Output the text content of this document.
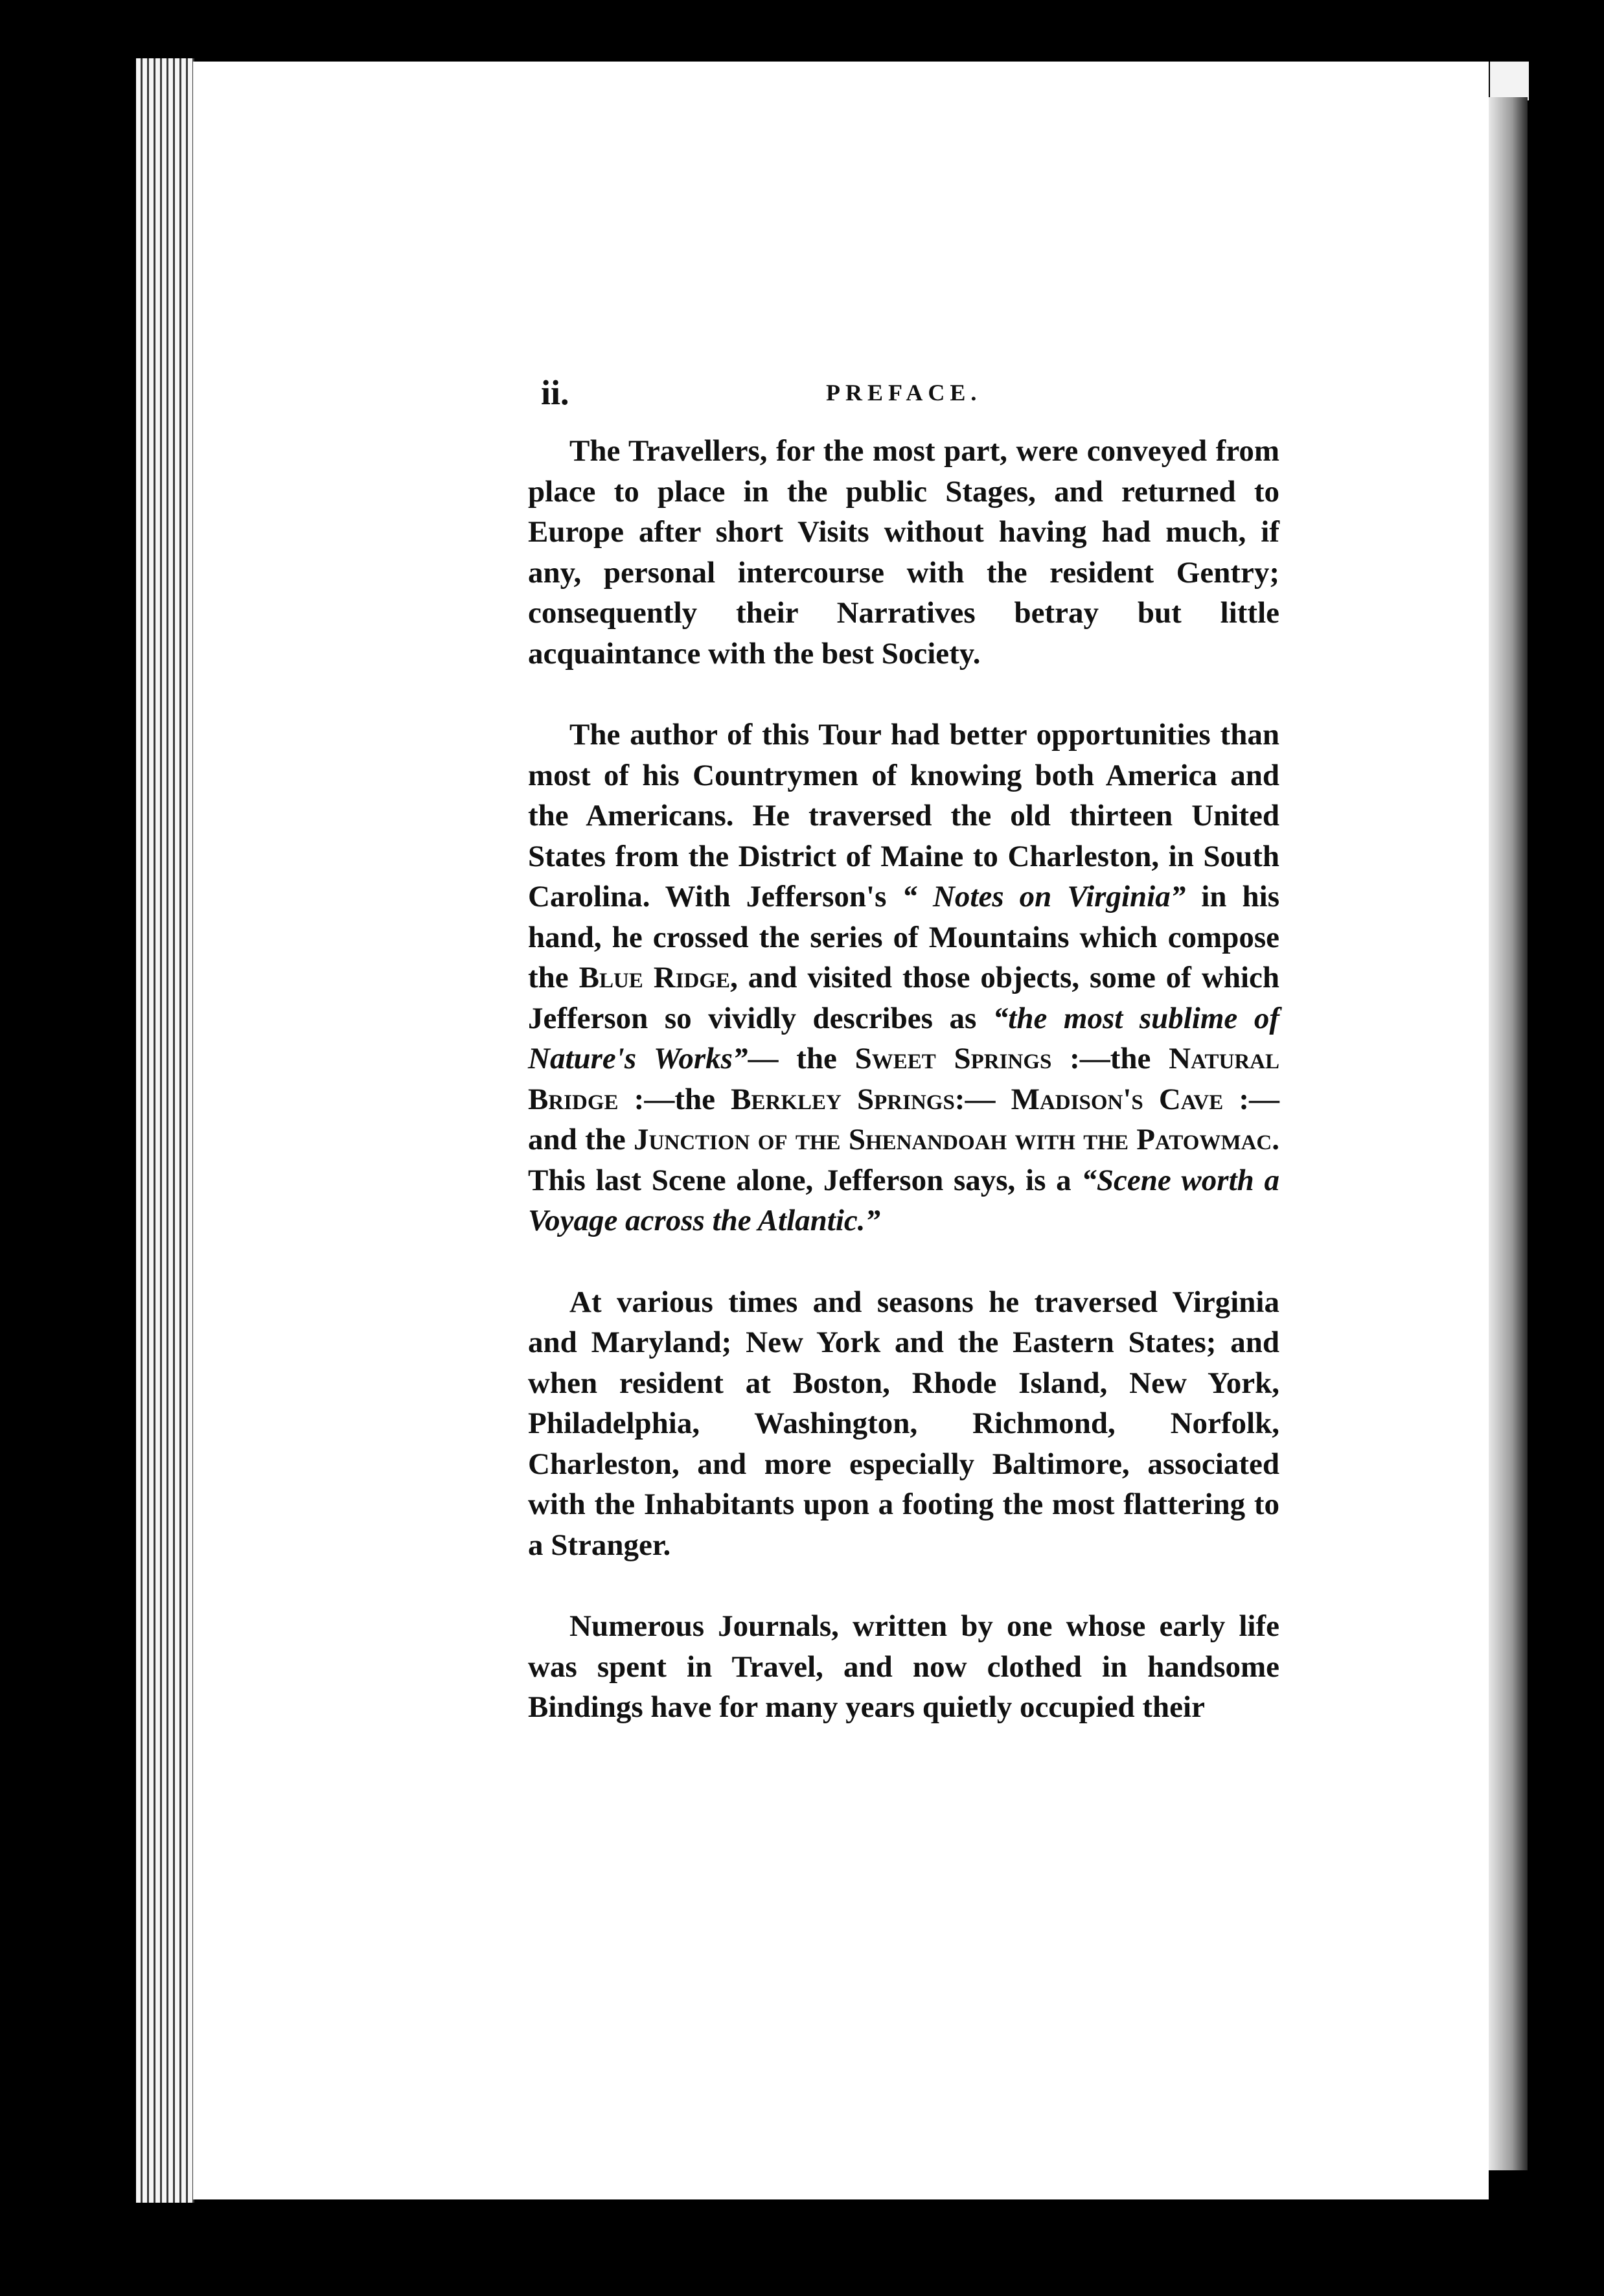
ii.	PREFACE.

The Travellers, for the most part, were conveyed from place to place in the public Stages, and returned to Europe after short Visits without having had much, if any, personal intercourse with the resident Gentry; consequently their Narratives betray but little acquaintance with the best Society.

The author of this Tour had better opportunities than most of his Countrymen of knowing both America and the Americans. He traversed the old thirteen United States from the District of Maine to Charleston, in South Carolina. With Jefferson's “ Notes on Virginia” in his hand, he crossed the series of Mountains which compose the Blue Ridge, and visited those objects, some of which Jefferson so vividly describes as “the most sublime of Nature's Works”— the Sweet Springs :—the Natural Bridge :—the Berkley Springs:— Madison's Cave :—and the Junction of the Shenandoah with the Patowmac. This last Scene alone, Jefferson says, is a “Scene worth a Voyage across the Atlantic.”

At various times and seasons he traversed Virginia and Maryland; New York and the Eastern States; and when resident at Boston, Rhode Island, New York, Philadelphia, Washington, Richmond, Norfolk, Charleston, and more especially Baltimore, associated with the Inhabitants upon a footing the most flattering to a Stranger.

Numerous Journals, written by one whose early life was spent in Travel, and now clothed in handsome Bindings have for many years quietly occupied their
